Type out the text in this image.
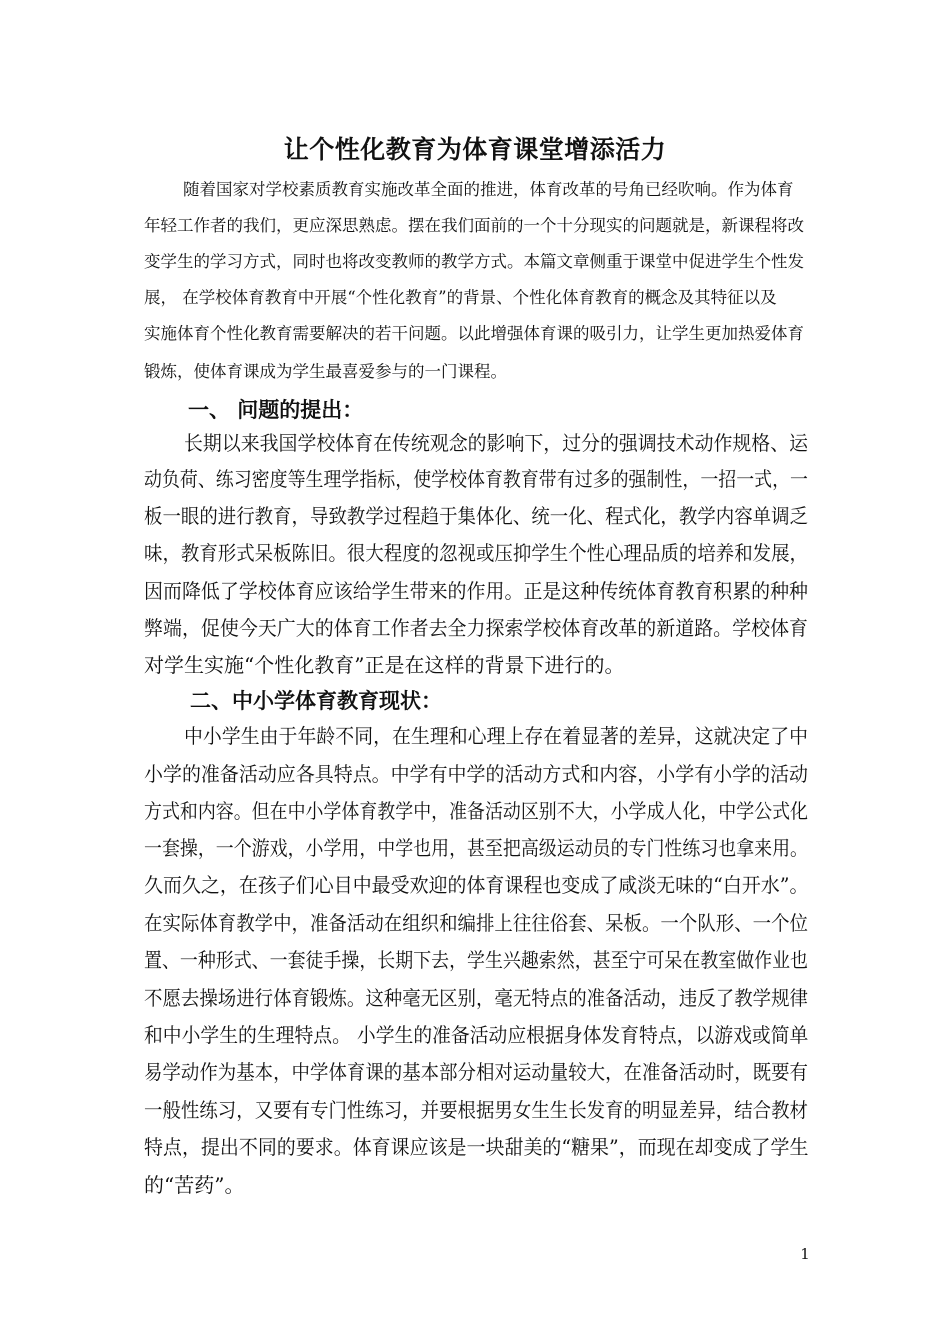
让个性化教育为体育课堂增添活力
随着国家对学校素质教育实施改革全面的推进，体育改革的号角已经吹响。作为体育
年轻工作者的我们，更应深思熟虑。摆在我们面前的一个十分现实的问题就是，新课程将改
变学生的学习方式，同时也将改变教师的教学方式。本篇文章侧重于课堂中促进学生个性发
展， 在学校体育教育中开展“个性化教育”的背景、个性化体育教育的概念及其特征以及
实施体育个性化教育需要解决的若干问题。以此增强体育课的吸引力，让学生更加热爱体育
锻炼，使体育课成为学生最喜爱参与的一门课程。
一、 问题的提出：
长期以来我国学校体育在传统观念的影响下，过分的强调技术动作规格、运
动负荷、练习密度等生理学指标，使学校体育教育带有过多的强制性，一招一式，一
板一眼的进行教育，导致教学过程趋于集体化、统一化、程式化，教学内容单调乏
味，教育形式呆板陈旧。很大程度的忽视或压抑学生个性心理品质的培养和发展，
因而降低了学校体育应该给学生带来的作用。正是这种传统体育教育积累的种种
弊端，促使今天广大的体育工作者去全力探索学校体育改革的新道路。学校体育
对学生实施“个性化教育”正是在这样的背景下进行的。
二、中小学体育教育现状：
中小学生由于年龄不同，在生理和心理上存在着显著的差异，这就决定了中
小学的准备活动应各具特点。中学有中学的活动方式和内容，小学有小学的活动
方式和内容。但在中小学体育教学中，准备活动区别不大，小学成人化，中学公式化
一套操，一个游戏，小学用，中学也用，甚至把高级运动员的专门性练习也拿来用。
久而久之，在孩子们心目中最受欢迎的体育课程也变成了咸淡无味的“白开水”。
在实际体育教学中，准备活动在组织和编排上往往俗套、呆板。一个队形、一个位
置、一种形式、一套徒手操，长期下去，学生兴趣索然，甚至宁可呆在教室做作业也
不愿去操场进行体育锻炼。这种毫无区别，毫无特点的准备活动，违反了教学规律
和中小学生的生理特点。 小学生的准备活动应根据身体发育特点，以游戏或简单
易学动作为基本，中学体育课的基本部分相对运动量较大，在准备活动时，既要有
一般性练习，又要有专门性练习，并要根据男女生生长发育的明显差异，结合教材
特点，提出不同的要求。体育课应该是一块甜美的“糖果”，而现在却变成了学生
的“苦药”。
1
